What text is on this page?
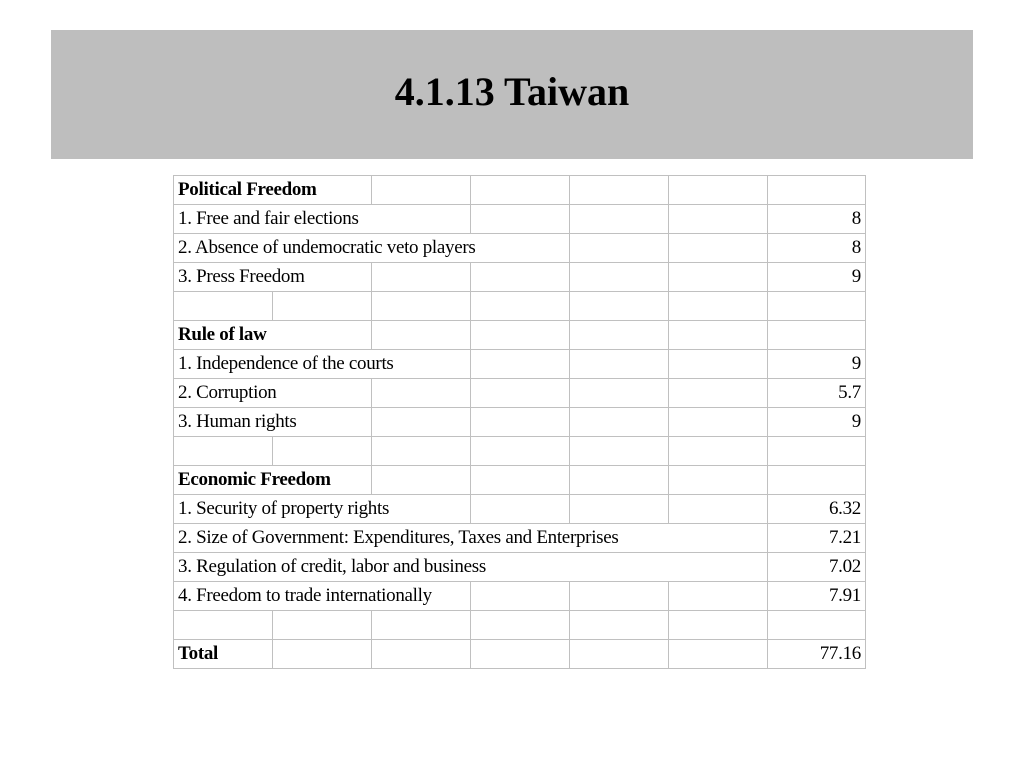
4.1.13 Taiwan
Political Freedom						
1. Free and fair elections						8
2. Absence of undemocratic veto players						8
3. Press Freedom						9

Rule of law						
1. Independence of the courts						9
2. Corruption						5.7
3. Human rights						9

Economic Freedom						
1. Security of property rights						6.32
2. Size of Government: Expenditures, Taxes and Enterprises						7.21
3. Regulation of credit, labor and business						7.02
4. Freedom to trade internationally						7.91

Total						77.16
